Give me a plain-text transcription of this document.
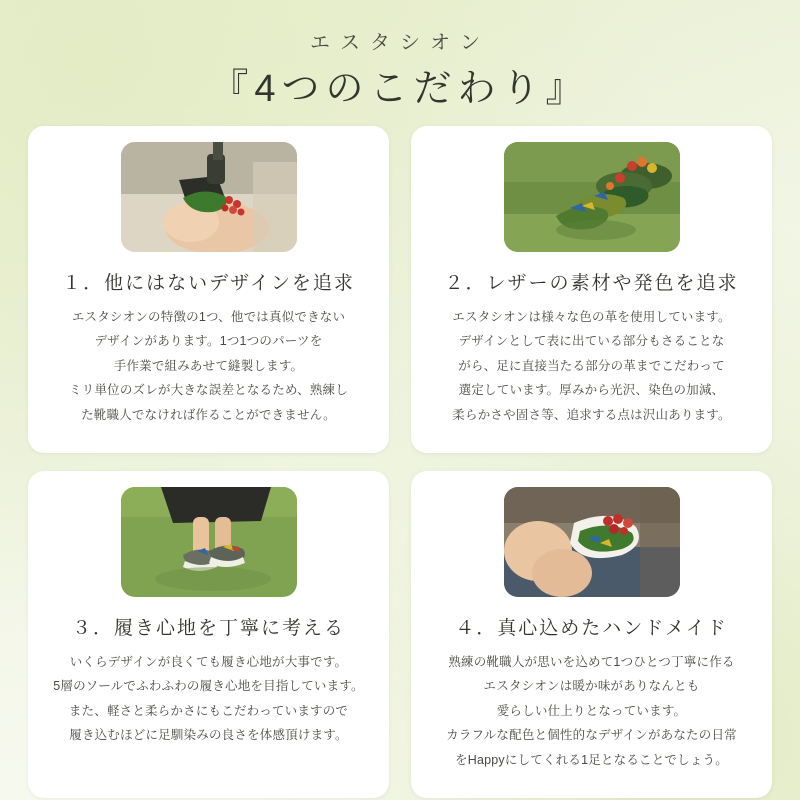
エスタシオン
『4つのこだわり』
１．他にはないデザインを追求
エスタシオンの特徴の1つ、他では真似できない
デザインがあります。1つ1つのパーツを
手作業で組みあせて縫製します。
ミリ単位のズレが大きな誤差となるため、熟練し
た靴職人でなければ作ることができません。
２．レザーの素材や発色を追求
エスタシオンは様々な色の革を使用しています。
デザインとして表に出ている部分もさることな
がら、足に直接当たる部分の革までこだわって
選定しています。厚みから光沢、染色の加減、
柔らかさや固さ等、追求する点は沢山あります。
３．履き心地を丁寧に考える
いくらデザインが良くても履き心地が大事です。
5層のソールでふわふわの履き心地を目指しています。
また、軽さと柔らかさにもこだわっていますので
履き込むほどに足馴染みの良さを体感頂けます。
４．真心込めたハンドメイド
熟練の靴職人が思いを込めて1つひとつ丁寧に作る
エスタシオンは暖か味がありなんとも
愛らしい仕上りとなっています。
カラフルな配色と個性的なデザインがあなたの日常
をHappyにしてくれる1足となることでしょう。
